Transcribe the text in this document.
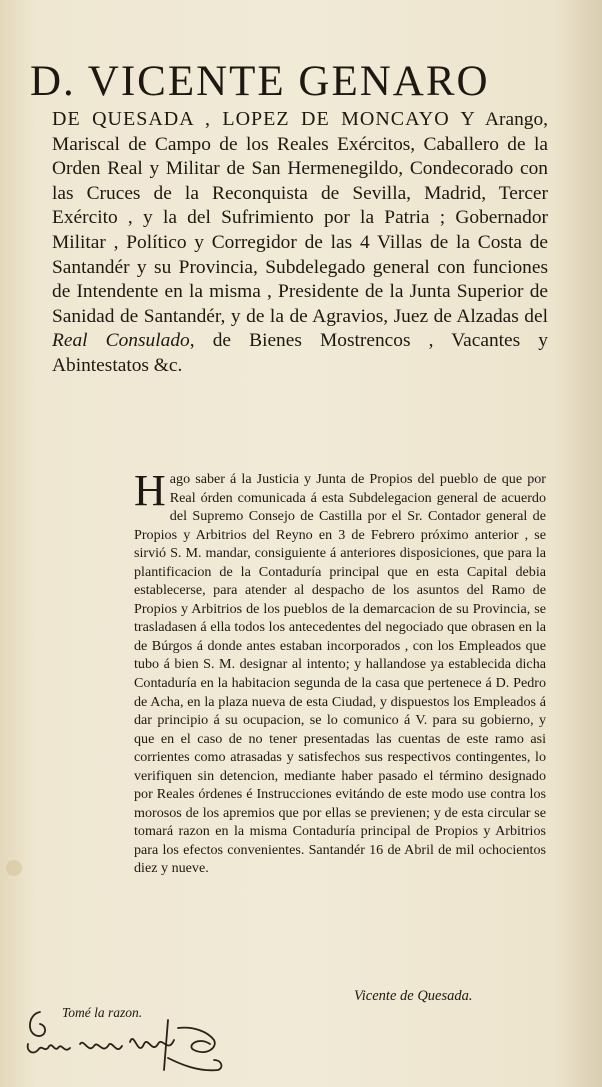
D. VICENTE GENARO
DE QUESADA , LOPEZ DE MONCAYO Y Arango, Mariscal de Campo de los Reales Exércitos, Caballero de la Orden Real y Militar de San Hermenegildo, Condecorado con las Cruces de la Reconquista de Sevilla, Madrid, Tercer Exército , y la del Sufrimiento por la Patria ; Gobernador Militar , Político y Corregidor de las 4 Villas de la Costa de Santandér y su Provincia, Subdelegado general con funciones de Intendente en la misma , Presidente de la Junta Superior de Sanidad de Santandér, y de la de Agravios, Juez de Alzadas del Real Consulado, de Bienes Mostrencos , Vacantes y Abintestatos &c.
Hago saber á la Justicia y Junta de Propios del pueblo de que por Real órden comunicada á esta Subdelegacion general de acuerdo del Supremo Consejo de Castilla por el Sr. Contador general de Propios y Arbitrios del Reyno en 3 de Febrero próximo anterior , se sirvió S. M. mandar, consiguiente á anteriores disposiciones, que para la plantificacion de la Contaduría principal que en esta Capital debia establecerse, para atender al despacho de los asuntos del Ramo de Propios y Arbitrios de los pueblos de la demarcacion de su Provincia, se trasladasen á ella todos los antecedentes del negociado que obrasen en la de Búrgos á donde antes estaban incorporados , con los Empleados que tubo á bien S. M. designar al intento; y hallandose ya establecida dicha Contaduría en la habitacion segunda de la casa que pertenece á D. Pedro de Acha, en la plaza nueva de esta Ciudad, y dispuestos los Empleados á dar principio á su ocupacion, se lo comunico á V. para su gobierno, y que en el caso de no tener presentadas las cuentas de este ramo asi corrientes como atrasadas y satisfechos sus respectivos contingentes, lo verifiquen sin detencion, mediante haber pasado el término designado por Reales órdenes é Instrucciones evitándo de este modo use contra los morosos de los apremios que por ellas se previenen; y de esta circular se tomará razon en la misma Contaduría principal de Propios y Arbitrios para los efectos convenientes. Santandér 16 de Abril de mil ochocientos diez y nueve.
Vicente de Quesada.
Tomé la razon.
